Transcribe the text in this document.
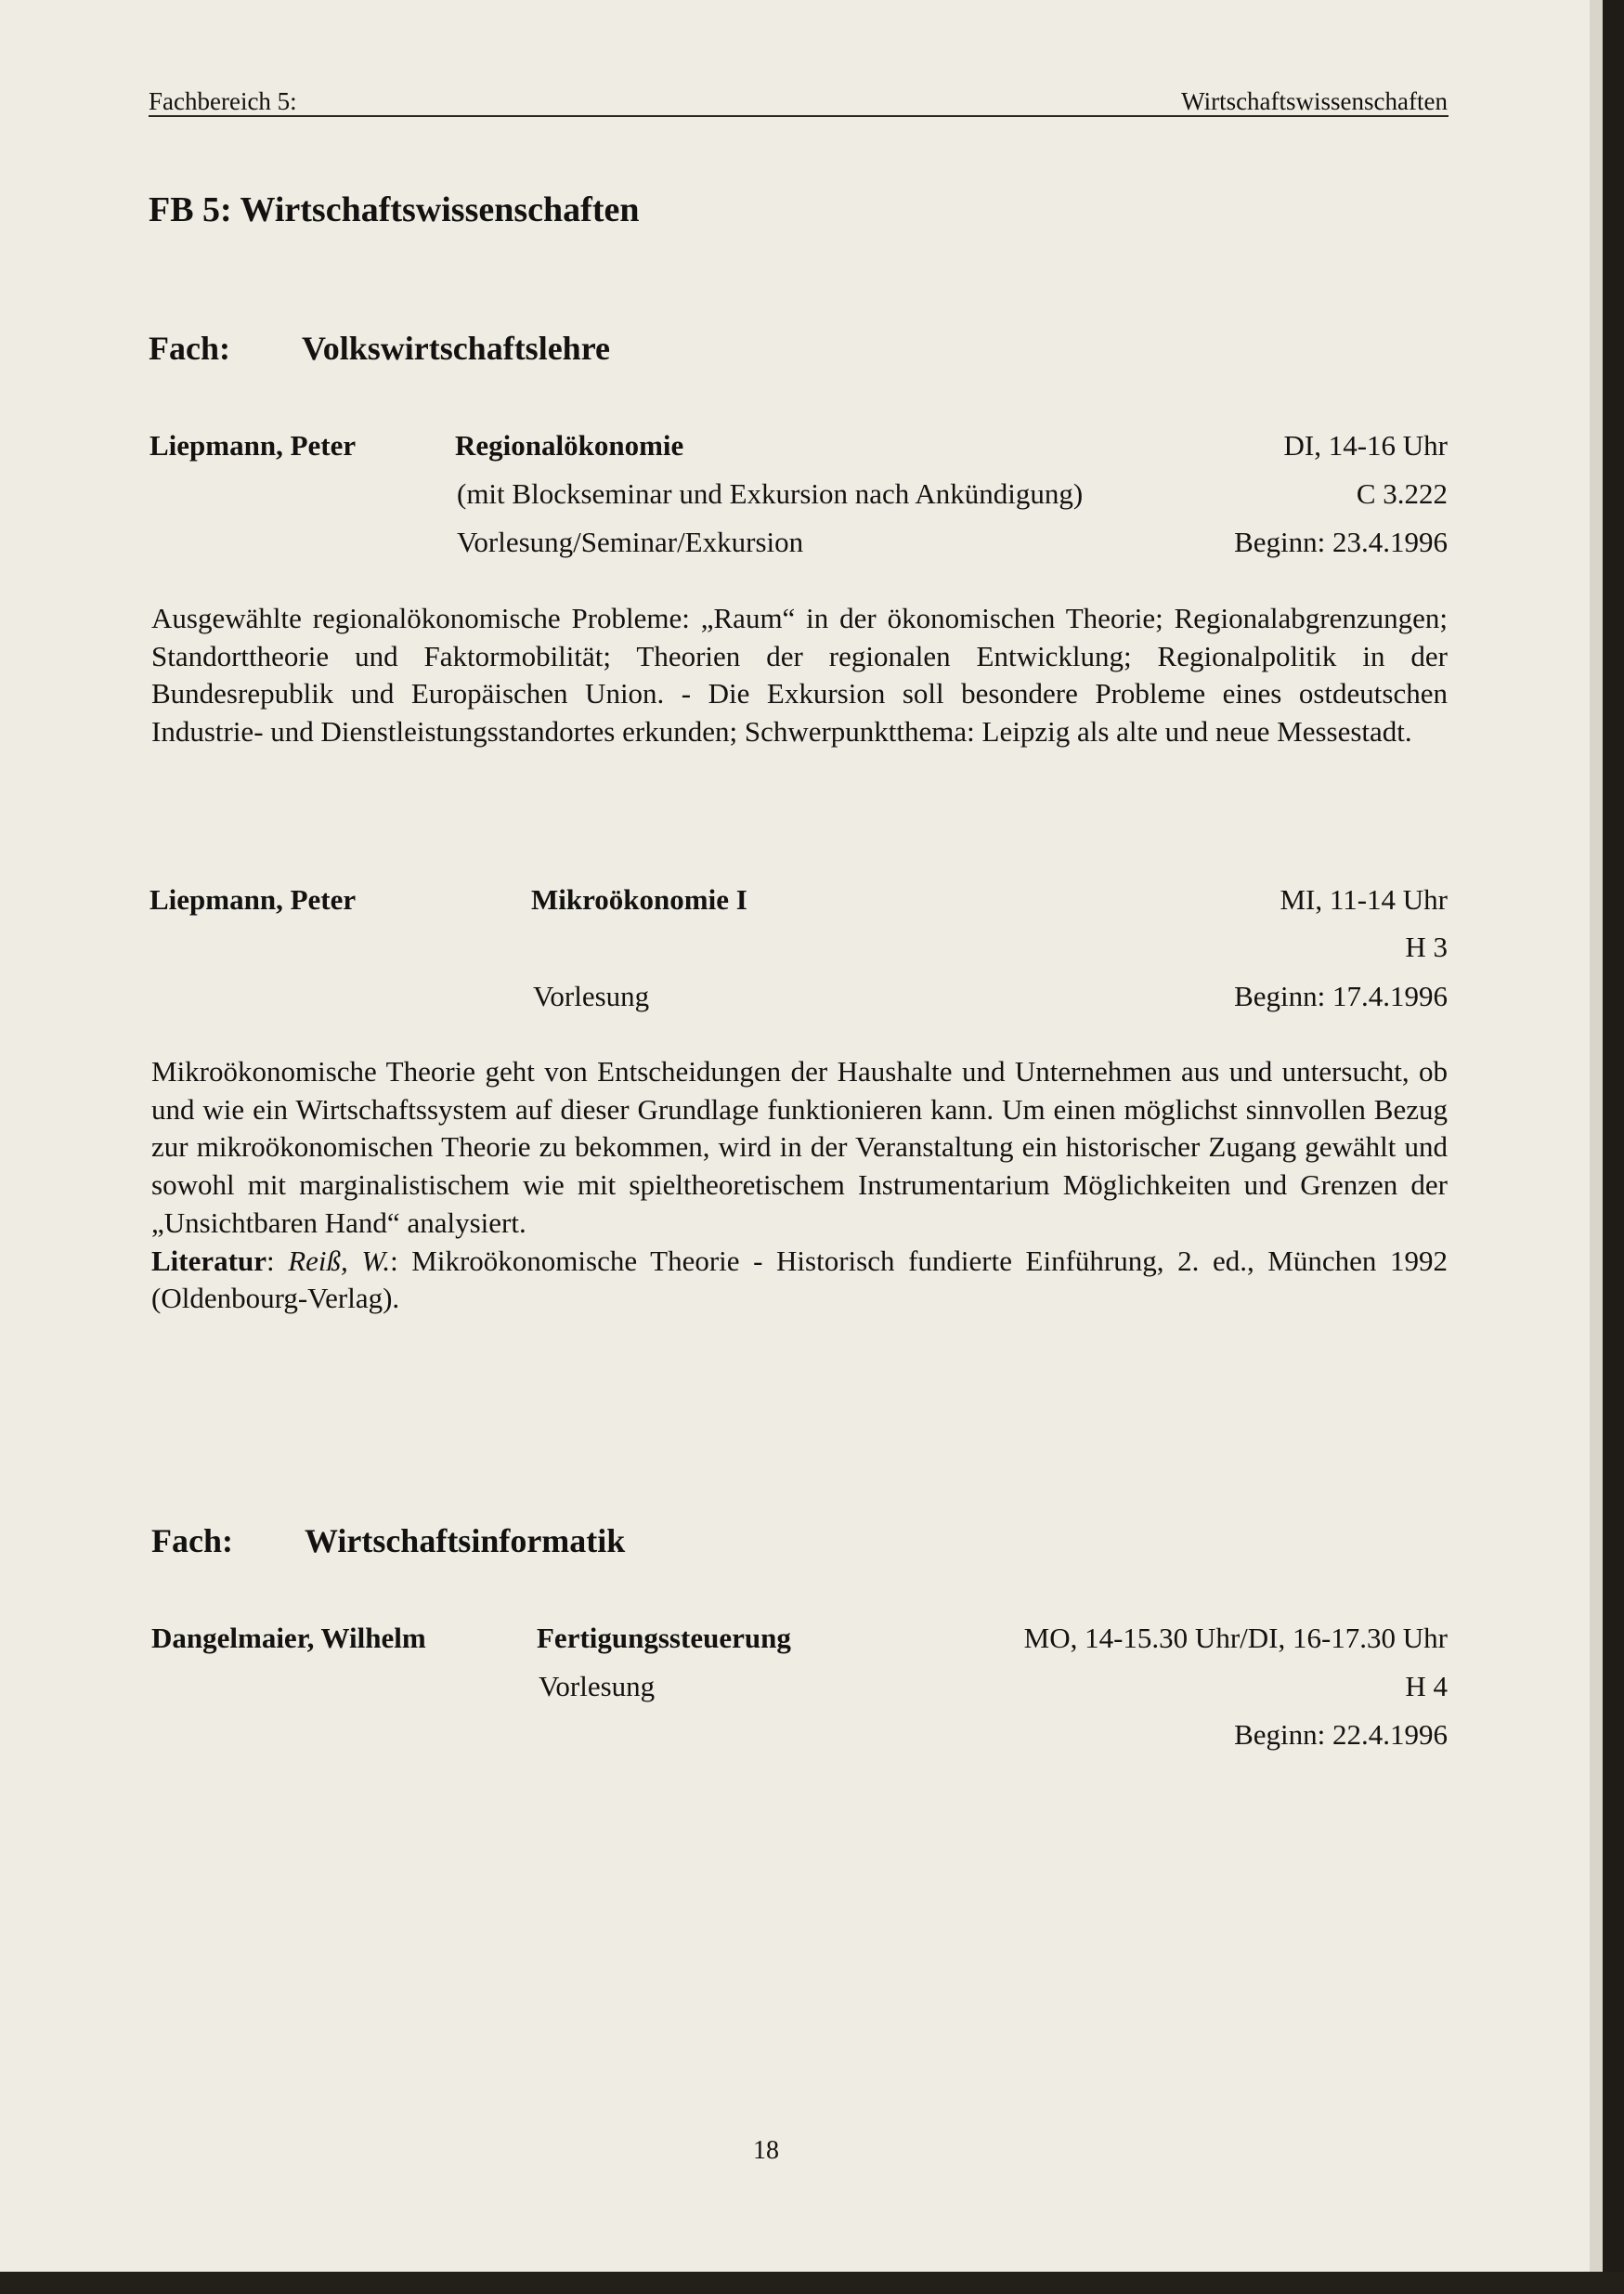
Fachbereich 5:	Wirtschaftswissenschaften
FB 5: Wirtschaftswissenschaften
Fach: Volkswirtschaftslehre
Liepmann, Peter	Regionalökonomie	DI, 14-16 Uhr
(mit Blockseminar und Exkursion nach Ankündigung)	C 3.222
Vorlesung/Seminar/Exkursion	Beginn: 23.4.1996

Ausgewählte regionalökonomische Probleme: „Raum“ in der ökonomischen Theorie; Regionalabgrenzungen; Standorttheorie und Faktormobilität; Theorien der regionalen Entwicklung; Regionalpolitik in der Bundesrepublik und Europäischen Union. - Die Exkursion soll besondere Probleme eines ostdeutschen Industrie- und Dienstleistungsstandortes erkunden; Schwerpunktthema: Leipzig als alte und neue Messestadt.

Liepmann, Peter	Mikroökonomie I	MI, 11-14 Uhr
H 3
Vorlesung	Beginn: 17.4.1996

Mikroökonomische Theorie geht von Entscheidungen der Haushalte und Unternehmen aus und untersucht, ob und wie ein Wirtschaftssystem auf dieser Grundlage funktionieren kann. Um einen möglichst sinnvollen Bezug zur mikroökonomischen Theorie zu bekommen, wird in der Veranstaltung ein historischer Zugang gewählt und sowohl mit marginalistischem wie mit spieltheoretischem Instrumentarium Möglichkeiten und Grenzen der „Unsichtbaren Hand“ analysiert.

Literatur: Reiß, W.: Mikroökonomische Theorie - Historisch fundierte Einführung, 2. ed., München 1992 (Oldenbourg-Verlag).

Fach: Wirtschaftsinformatik
Dangelmaier, Wilhelm	Fertigungssteuerung	MO, 14-15.30 Uhr/DI, 16-17.30 Uhr
Vorlesung	H 4
Beginn: 22.4.1996
18
